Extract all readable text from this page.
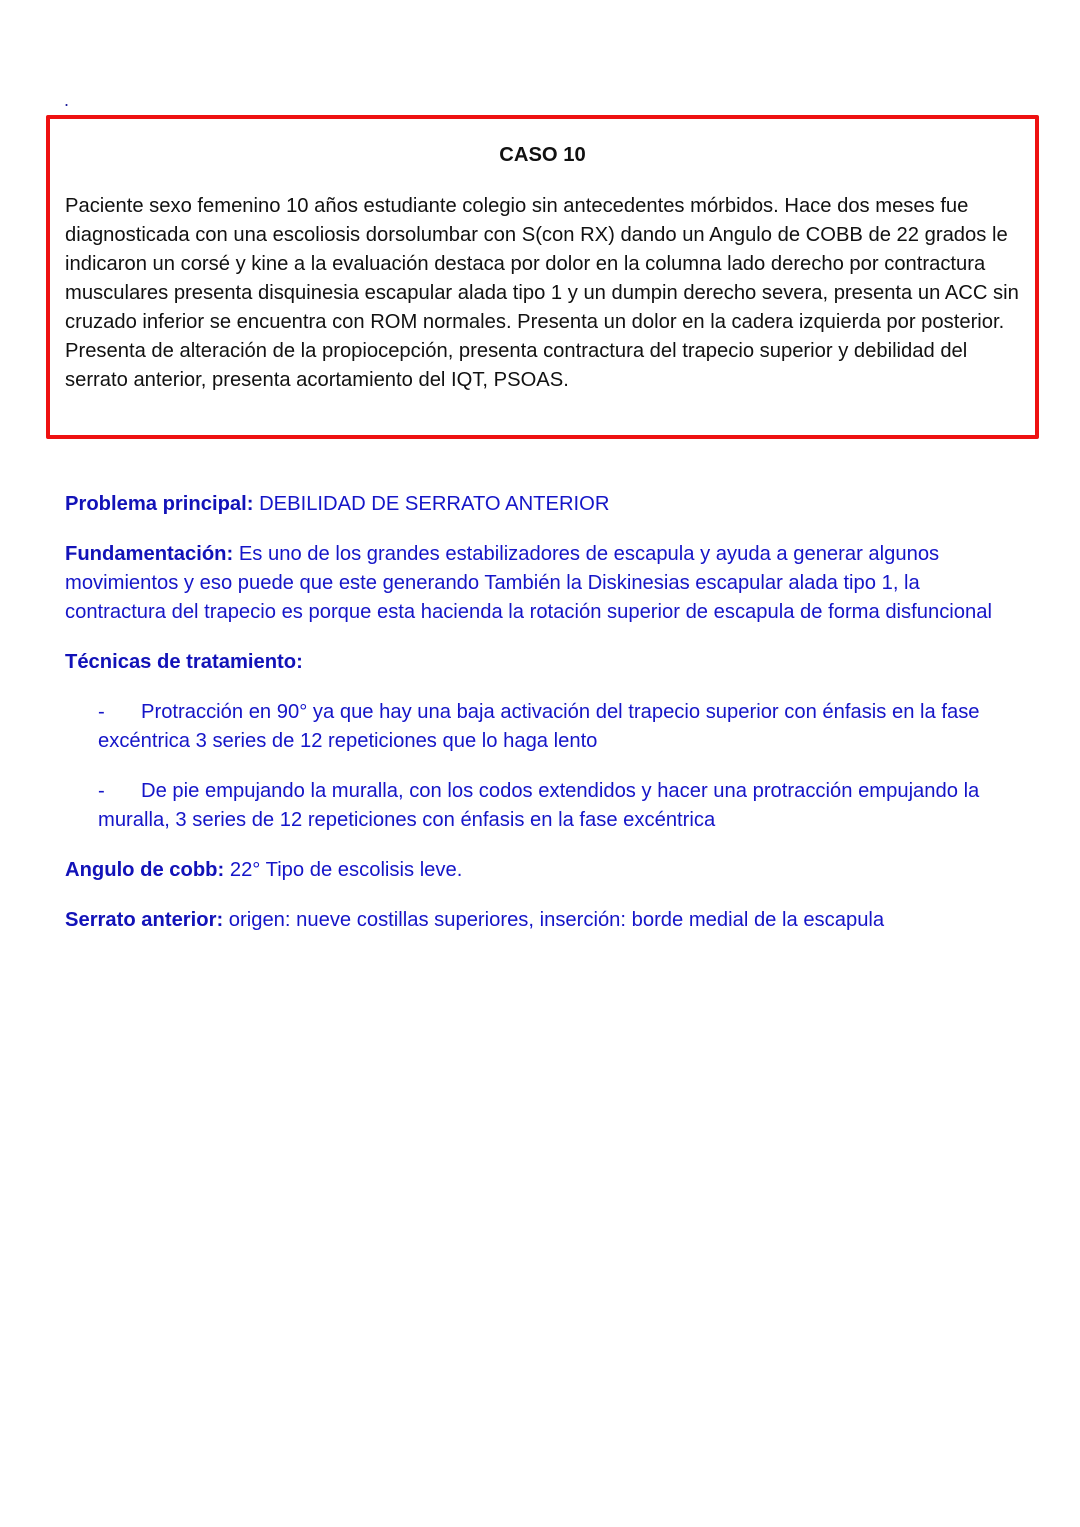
.
CASO 10

Paciente sexo femenino 10 años estudiante colegio sin antecedentes mórbidos. Hace dos meses fue diagnosticada con una escoliosis dorsolumbar con S(con RX) dando un Angulo de COBB de 22 grados le indicaron un corsé y kine a la evaluación destaca por dolor en la columna lado derecho por contractura musculares presenta disquinesia escapular alada tipo 1 y un dumpin derecho severa, presenta un ACC sin cruzado inferior se encuentra con ROM normales. Presenta un dolor en la cadera izquierda por posterior. Presenta de alteración de la propiocepción, presenta contractura del trapecio superior y debilidad del serrato anterior, presenta acortamiento del IQT, PSOAS.

Problema principal: DEBILIDAD DE SERRATO ANTERIOR

Fundamentación: Es uno de los grandes estabilizadores de escapula y ayuda a generar algunos movimientos y eso puede que este generando También la Diskinesias escapular alada tipo 1, la contractura del trapecio es porque esta hacienda la rotación superior de escapula de forma disfuncional

Técnicas de tratamiento:

- Protracción en 90° ya que hay una baja activación del trapecio superior con énfasis en la fase excéntrica 3 series de 12 repeticiones que lo haga lento

- De pie empujando la muralla, con los codos extendidos y hacer una protracción empujando la muralla, 3 series de 12 repeticiones con énfasis en la fase excéntrica

Angulo de cobb: 22° Tipo de escolisis leve.

Serrato anterior: origen: nueve costillas superiores, inserción: borde medial de la escapula
